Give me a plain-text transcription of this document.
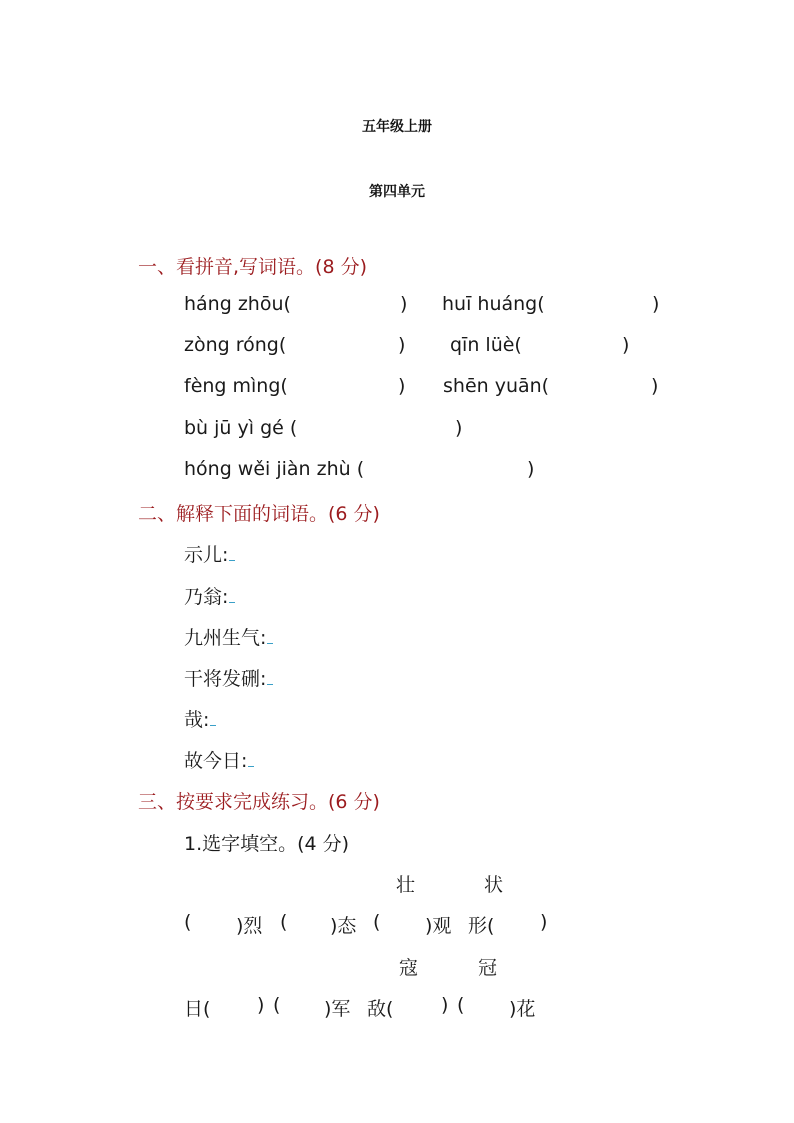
五年级上册
第四单元
一、看拼音,写词语。(8 分)
háng zhōu(	) huī huáng(	)
zòng róng(	) qīn lüè(	)
fèng mìng(	) shēn yuān(	)
bù jū yì gé (	)
hóng wěi jiàn zhù (	)
二、解释下面的词语。(6 分)
示儿:
乃翁:
九州生气:
干将发硎:
哉:
故今日:
三、按要求完成练习。(6 分)
1.选字填空。(4 分)
壮	状
( )烈 ( )态 ( )观 形( )
寇	冠
日( ) ( )军 敌(	) ( )花
